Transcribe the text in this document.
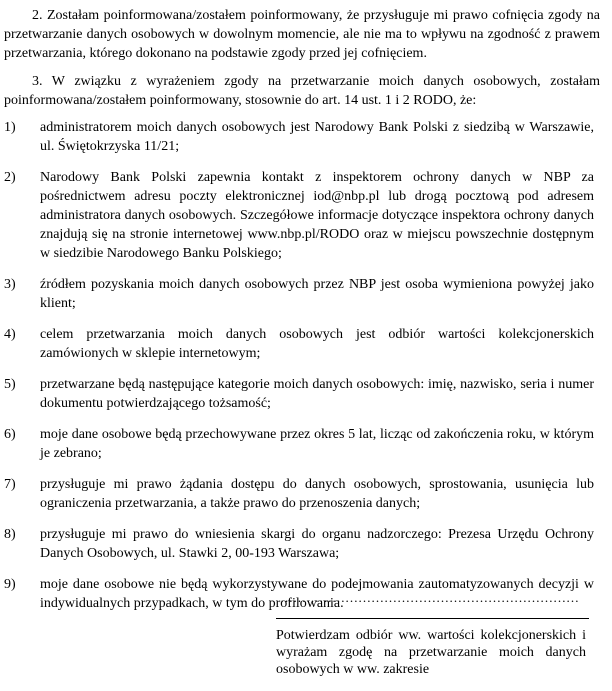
2. Zostałam poinformowana/zostałem poinformowany, że przysługuje mi prawo cofnięcia zgody na przetwarzanie danych osobowych w dowolnym momencie, ale nie ma to wpływu na zgodność z prawem przetwarzania, którego dokonano na podstawie zgody przed jej cofnięciem.

3. W związku z wyrażeniem zgody na przetwarzanie moich danych osobowych, zostałam poinformowana/zostałem poinformowany, stosownie do art. 14 ust. 1 i 2 RODO, że:

1)	administratorem moich danych osobowych jest Narodowy Bank Polski z siedzibą w Warszawie, ul. Świętokrzyska 11/21;
2)	Narodowy Bank Polski zapewnia kontakt z inspektorem ochrony danych w NBP za pośrednictwem adresu poczty elektronicznej iod@nbp.pl lub drogą pocztową pod adresem administratora danych osobowych. Szczegółowe informacje dotyczące inspektora ochrony danych znajdują się na stronie internetowej www.nbp.pl/RODO oraz w miejscu powszechnie dostępnym w siedzibie Narodowego Banku Polskiego;
3)	źródłem pozyskania moich danych osobowych przez NBP jest osoba wymieniona powyżej jako klient;
4)	celem przetwarzania moich danych osobowych jest odbiór wartości kolekcjonerskich zamówionych w sklepie internetowym;
5)	przetwarzane będą następujące kategorie moich danych osobowych: imię, nazwisko, seria i numer dokumentu potwierdzającego tożsamość;
6)	moje dane osobowe będą przechowywane przez okres 5 lat, licząc od zakończenia roku, w którym je zebrano;
7)	przysługuje mi prawo żądania dostępu do danych osobowych, sprostowania, usunięcia lub ograniczenia przetwarzania, a także prawo do przenoszenia danych;
8)	przysługuje mi prawo do wniesienia skargi do organu nadzorczego: Prezesa Urzędu Ochrony Danych Osobowych, ul. Stawki 2, 00-193 Warszawa;
9)	moje dane osobowe nie będą wykorzystywane do podejmowania zautomatyzowanych decyzji w indywidualnych przypadkach, w tym do profilowania.
……………………………………………………………

Potwierdzam odbiór ww. wartości kolekcjonerskich i wyrażam zgodę na przetwarzanie moich danych osobowych w ww. zakresie
